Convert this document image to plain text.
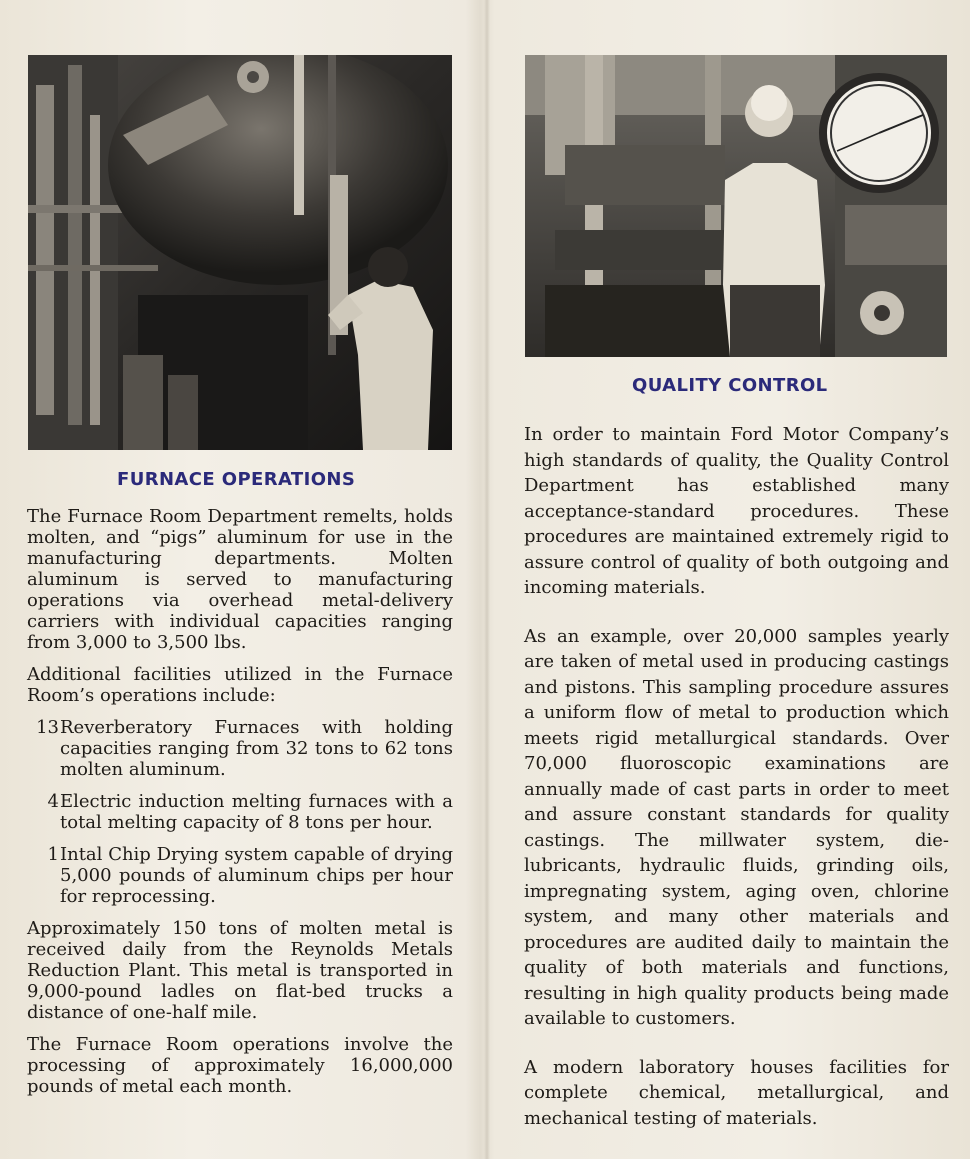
FURNACE OPERATIONS
QUALITY CONTROL

The Furnace Room Department remelts, holds molten, and “pigs” aluminum for use in the manufacturing departments. Molten aluminum is served to manufacturing operations via overhead metal-delivery carriers with individual capacities ranging from 3,000 to 3,500 lbs.

Additional facilities utilized in the Furnace Room’s operations include:

13 Reverberatory Furnaces with holding capacities ranging from 32 tons to 62 tons molten aluminum.
4 Electric induction melting furnaces with a total melting capacity of 8 tons per hour.
1 Intal Chip Drying system capable of drying 5,000 pounds of aluminum chips per hour for reprocessing.

Approximately 150 tons of molten metal is received daily from the Reynolds Metals Reduction Plant. This metal is transported in 9,000-pound ladles on flat-bed trucks a distance of one-half mile.

The Furnace Room operations involve the processing of approximately 16,000,000 pounds of metal each month.

In order to maintain Ford Motor Company’s high standards of quality, the Quality Control Department has established many acceptance-standard procedures. These procedures are maintained extremely rigid to assure control of quality of both outgoing and incoming materials.

As an example, over 20,000 samples yearly are taken of metal used in producing castings and pistons. This sampling procedure assures a uniform flow of metal to production which meets rigid metallurgical standards. Over 70,000 fluoroscopic examinations are annually made of cast parts in order to meet and assure constant standards for quality castings. The millwater system, die-lubricants, hydraulic fluids, grinding oils, impregnating system, aging oven, chlorine system, and many other materials and procedures are audited daily to maintain the quality of both materials and functions, resulting in high quality products being made available to customers.

A modern laboratory houses facilities for complete chemical, metallurgical, and mechanical testing of materials.
